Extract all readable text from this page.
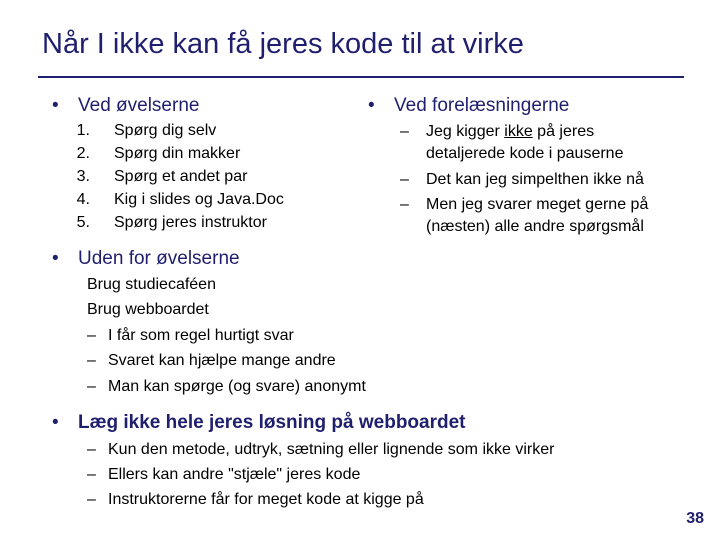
Når I ikke kan få jeres kode til at virke
• Ved øvelserne
1. Spørg dig selv
2. Spørg din makker
3. Spørg et andet par
4. Kig i slides og Java.Doc
5. Spørg jeres instruktor
• Ved forelæsningerne
– Jeg kigger ikke på jeres
detaljerede kode i pauserne
– Det kan jeg simpelthen ikke nå
– Men jeg svarer meget gerne på
(næsten) alle andre spørgsmål
• Uden for øvelserne
Brug studiecaféen
Brug webboardet
– I får som regel hurtigt svar
– Svaret kan hjælpe mange andre
– Man kan spørge (og svare) anonymt
• Læg ikke hele jeres løsning på webboardet
– Kun den metode, udtryk, sætning eller lignende som ikke virker
– Ellers kan andre "stjæle" jeres kode
– Instruktorerne får for meget kode at kigge på
38
